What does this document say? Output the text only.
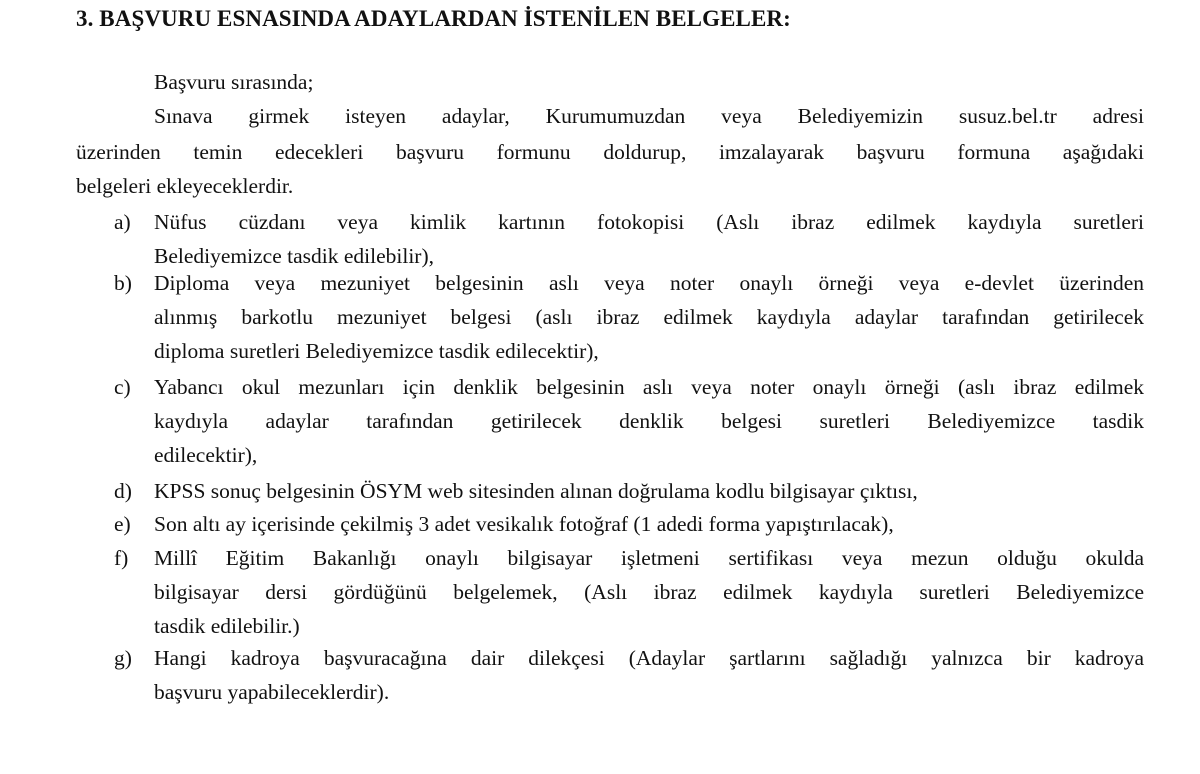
3. BAŞVURU ESNASINDA ADAYLARDAN İSTENİLEN BELGELER:
Başvuru sırasında;
Sınava girmek isteyen adaylar, Kurumumuzdan veya Belediyemizin susuz.bel.tr adresi
üzerinden temin edecekleri başvuru formunu doldurup, imzalayarak başvuru formuna aşağıdaki
belgeleri ekleyeceklerdir.
a)	Nüfus cüzdanı veya kimlik kartının fotokopisi (Aslı ibraz edilmek kaydıyla suretleri
Belediyemizce tasdik edilebilir),
b)	Diploma veya mezuniyet belgesinin aslı veya noter onaylı örneği veya e-devlet üzerinden
alınmış barkotlu mezuniyet belgesi (aslı ibraz edilmek kaydıyla adaylar tarafından getirilecek
diploma suretleri Belediyemizce tasdik edilecektir),
c)	Yabancı okul mezunları için denklik belgesinin aslı veya noter onaylı örneği (aslı ibraz edilmek
kaydıyla adaylar tarafından getirilecek denklik belgesi suretleri Belediyemizce tasdik
edilecektir),
d)	KPSS sonuç belgesinin ÖSYM web sitesinden alınan doğrulama kodlu bilgisayar çıktısı,
e)	Son altı ay içerisinde çekilmiş 3 adet vesikalık fotoğraf (1 adedi forma yapıştırılacak),
f)	Millî Eğitim Bakanlığı onaylı bilgisayar işletmeni sertifikası veya mezun olduğu okulda
bilgisayar dersi gördüğünü belgelemek, (Aslı ibraz edilmek kaydıyla suretleri Belediyemizce
tasdik edilebilir.)
g)	Hangi kadroya başvuracağına dair dilekçesi (Adaylar şartlarını sağladığı yalnızca bir kadroya
başvuru yapabileceklerdir).
